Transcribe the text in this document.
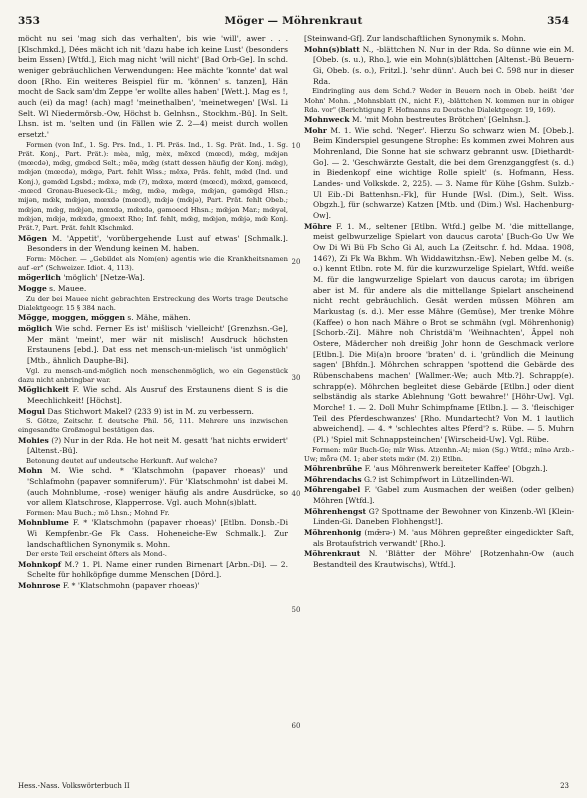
353	Möger — Möhrenkraut	354

möcht nu sei 'mag sich das verhalten', bis wie 'will', awer . . . [Klschmkd.], Dées mächt ich nit 'dazu habe ich keine Lust' (besonders beim Essen) [Wtfd.], Eich mag nicht 'will nicht' [Bad Orb-Ge]. In schd. weniger gebräuchlichen Verwendungen: Hee mächte 'konnte' dat wal doon [Rho. Ein weiteres Beispiel für m. 'können' s. tanzen], Hän mocht de Sack sam'dm Zeppe 'er wollte alles haben' [Wett.]. Mag es !, auch (ei) da mag! (ach) mag! 'meinethalben', 'meinetwegen' [Wsl. Li Selt. Wl Niedermörsb.-Ow, Höchst b. Gelnhsn., Stockhm.-Bü]. In Selt. Lhsn. ist m. 'selten und (in Fällen wie Z. 2—4) meist durch wollen ersetzt.'

Formen (von Inf., 1. Sg. Prs. Ind., 1. Pl. Präs. Ind., 1. Sg. Prät. Ind., 1. Sg. Prät. Konj., Part. Prät.): mèa, mīg, mèx, mēxcd (mœcd), mœ̄g, mœ̄jən (mœcdə), mœ̄g, gmœ̄cd Selt.; mēə, mœ̄g (statt dessen häufig der Konj. mœ̄g), mœ̄jən (mœcdə), mœ̄gə, Part. fehlt Wiss.; mēxə, Präs. fehlt, mœ̄d (Ind. und Konj.), gəmœ̄d Lgsbd.; mœ̄xə, mœ̄ (?), mœ̄xə, mœrd (mœcd), mœ̄xd, gəmœcd, -mœcd Gronau-Bueseck-Gi.; mœ̄g, mœ̄ə, mœ̄gə, mœ̄jən, gəmœ̄gd Hlsn.; mijən, mœ̄k, mœ̄jən, mœxdə (mœcd), mœ̄jə (mœ̄jə), Part. Prät. fehlt Obeb.; mœ̄jən, mœ̄g, mœ̄jən, mœxdə, mœ̄xdə, gəmoecd Hhsn.; mœ̄jən Mar.; mœ̄yəl, mœ̄jən, mœ̄jə, mœ̄xdə, gmoext Rho; Inf. fehlt, mœ̄g, mœ̄jən, mœ̄jə, mœ̄ Konj. Prät.?, Part. Prät. fehlt Klschmkd.

Mögen M. 'Appetit', 'vorübergehende Lust auf etwas' [Schmalk.]. Besonders in der Wendung keinen M. haben.

Form: Möcher. — „Gebildet als Nom(en) agentis wie die Krankheitsnamen auf -er" (Schweizer. Idiot. 4, 113).

mögerlich 'möglich' [Netze-Wa].

Mogge s. Mauee.

Zu der bei Mauee nicht gebrachten Erstreckung des Worts trage Deutsche Dialektgeogr. 15 § 384 nach.

Mögge, moggen, möggen s. Mähe, mähen.

möglich Wie schd. Ferner Es ist' mišlisch 'vielleicht' [Grenzhsn.-Ge], Mer mänt 'meint', mer wär nit mislisch! Ausdruck höchsten Erstaunens [ebd.]. Dat ess net mensch-un-mielisch 'ist unmöglich' [Mtb., ähnlich Dauphe-Bi].

Vgl. zu mensch-und-möglich noch menschenmöglich, wo ein Gegenstück dazu nicht anbringbar war.

Möglichkeit F. Wie schd. Als Ausruf des Erstaunens dient S is die Meechlichkeit! [Höchst].

Mogul Das Stichwort Makel? (233 9) ist in M. zu verbessern.

S. Götze, Zeitschr. f. deutsche Phil. 56, 111. Mehrere uns inzwischen eingesandte Großmogul bestätigen das.

Mohies (?) Nur in der Rda. He hot neit M. gesatt 'hat nichts erwidert' [Altenst.-Bü].

Betonung deutet auf undeutsche Herkunft. Auf welche?

Mohn M. Wie schd. * 'Klatschmohn (papaver rhoeas)' und 'Schlafmohn (papaver somniferum)'. Für 'Klatschmohn' ist dabei M. (auch Mohnblume, -rose) weniger häufig als andre Ausdrücke, so vor allem Klatschrose, Klapperrose. Vgl. auch Mohn(s)blatt.

Formen: Mau Buch.; mō Lhsn.; Mohnd Fr.

Mohnblume F. * 'Klatschmohn (papaver rhoeas)' [Etlbn. Donsb.-Di Wi Kempfenbr.-Ge Fk Cass. Hoheneiche-Ew Schmalk.]. Zur landschaftlichen Synonymik s. Mohn.

Der erste Teil erscheint öfters als Mond-.

Mohnkopf M.? 1. Pl. Name einer runden Birnenart [Arbn.-Di]. — 2. Schelte für hohlköpfige dumme Menschen [Dörd.].

Mohnrose F. * 'Klatschmohn (papaver rhoeas)'

[Steinwand-Gf]. Zur landschaftlichen Synonymik s. Mohn.

Mohn(s)blatt N., -blättchen N. Nur in der Rda. So dünne wie ein M. [Obeb. (s. u.), Rho.], wie ein Mohn(s)blättchen [Altenst.-Bü Beuern-Gi, Obeb. (s. o.), Fritzl.]. 'sehr dünn'. Auch bei C. 598 nur in dieser Rda.

Eindringling aus dem Schd.? Weder in Beuern noch in Obeb. heißt 'der Mohn' Mohn. „Mohnsblatt (N., nicht F.), -blättchen N. kommen nur in obiger Rda. vor" (Berichtigung F. Hofmanns zu Deutsche Dialektgeogr. 19, 169).

Mohnweck M. 'mit Mohn bestreutes Brötchen' [Gelnhsn.].

Mohr M. 1. Wie schd. 'Neger'. Hierzu So schwarz wien M. [Obeb.]. Beim Kinderspiel gesungene Strophe: Es kommen zwei Mohren aus Mohrenland, Die Sonne hat sie schwarz gebrannt usw. [Diethardt-Go]. — 2. 'Geschwärzte Gestalt, die bei dem Grenzganggfest (s. d.) in Biedenkopf eine wichtige Rolle spielt' (s. Hofmann, Hess. Landes- und Volkskde. 2, 225). — 3. Name für Kühe [Gshm. Sulzb.-Ul Eib.-Di Battenhsn.-Fk], für Hunde [Wsl. (Dim.), Selt. Wiss. Obgzh.], für (schwarze) Katzen [Mtb. und (Dim.) Wsl. Hachenburg-Ow].

Möhre F. 1. M., seltener [Etlbn. Wtfd.] gelbe M. 'die mittellange, meist gelbwurzelige Spielart von daucus carota' [Buch-Go Uw We Ow Di Wi Bü Fb Scho Gi Al, auch La (Zeitschr. f. hd. Mdaa. 1908, 146?), Zi Fk Wa Bkhm. Wh Widdawitzhsn.-Ew]. Neben gelbe M. (s. o.) kennt Etlbn. rote M. für die kurzwurzelige Spielart, Wtfd. weiße M. für die langwurzelige Spielart von daucus carota; im übrigen aber ist M. für andere als die mittellange Spielart anscheinend nicht recht gebräuchlich. Gesät werden müssen Möhren am Markustag (s. d.). Mer esse Mähre (Gemüse), Mer trenke Möhre (Kaffee) o hon nach Mähre o Brot se schmähn (vgl. Möhrenhonig) [Schorb.-Zi]. Mähre noh Christdä'm 'Weihnachten', Äppel noh Ostere, Mädercher noh dreißig Johr honn de Geschmack verlore [Etlbn.]. Die Mi(a)n broore 'braten' d. i. 'gründlich die Meinung sagen' [Bhfdn.]. Möhrchen schrappen 'spottend die Gebärde des Rübenschabens machen' [Wallmer.-We; auch Mtb.?]. Schrapp(e). schrapp(e). Möhrchen begleitet diese Gebärde [Etlbn.] oder dient selbständig als starke Ablehnung 'Gott bewahre!' [Höhr-Uw]. Vgl. Morche! 1. — 2. Doll Muhr Schimpfname [Etlbn.]. — 3. 'fleischiger Teil des Pferdeschwanzes' [Rho. Mundartecht? Von M. 1 lautlich abweichend]. — 4. * 'schlechtes altes Pferd'? s. Rübe. — 5. Muhrn (Pl.) 'Spiel mit Schnappsteinchen' [Wirscheid-Uw]. Vgl. Rübe.

Formen: mūr Buch-Go; mīr Wiss. Atzenhn.-Al; miən (Sg.) Wtfd.; mīnə Arzb.-Uw; mȫrə (M. 1; aber stets mœ̄r (M. 2)) Etlbn.

Möhrenbrühe F. 'aus Möhrenwerk bereiteter Kaffee' [Obgzh.].

Möhrendachs G.? ist Schimpfwort in Lützellinden-Wl.

Möhrengabel F. 'Gabel zum Ausmachen der weißen (oder gelben) Möhren [Wtfd.].

Möhrenhengst G? Spottname der Bewohner von Kinzenb.-Wl [Klein-Linden-Gi. Daneben Flohhengst!].

Möhrenhonig (mœ̄rə-) M. 'aus Möhren gepreßter eingedickter Saft, als Brotaufstrich verwandt' [Rho.].

Möhrenkraut N. 'Blätter der Möhre' [Rotzenhahn-Ow (auch Bestandteil des Krautwischs), Wtfd.].

10
20
30
40
50
60
Hess.-Nass. Volkswörterbuch II	23
